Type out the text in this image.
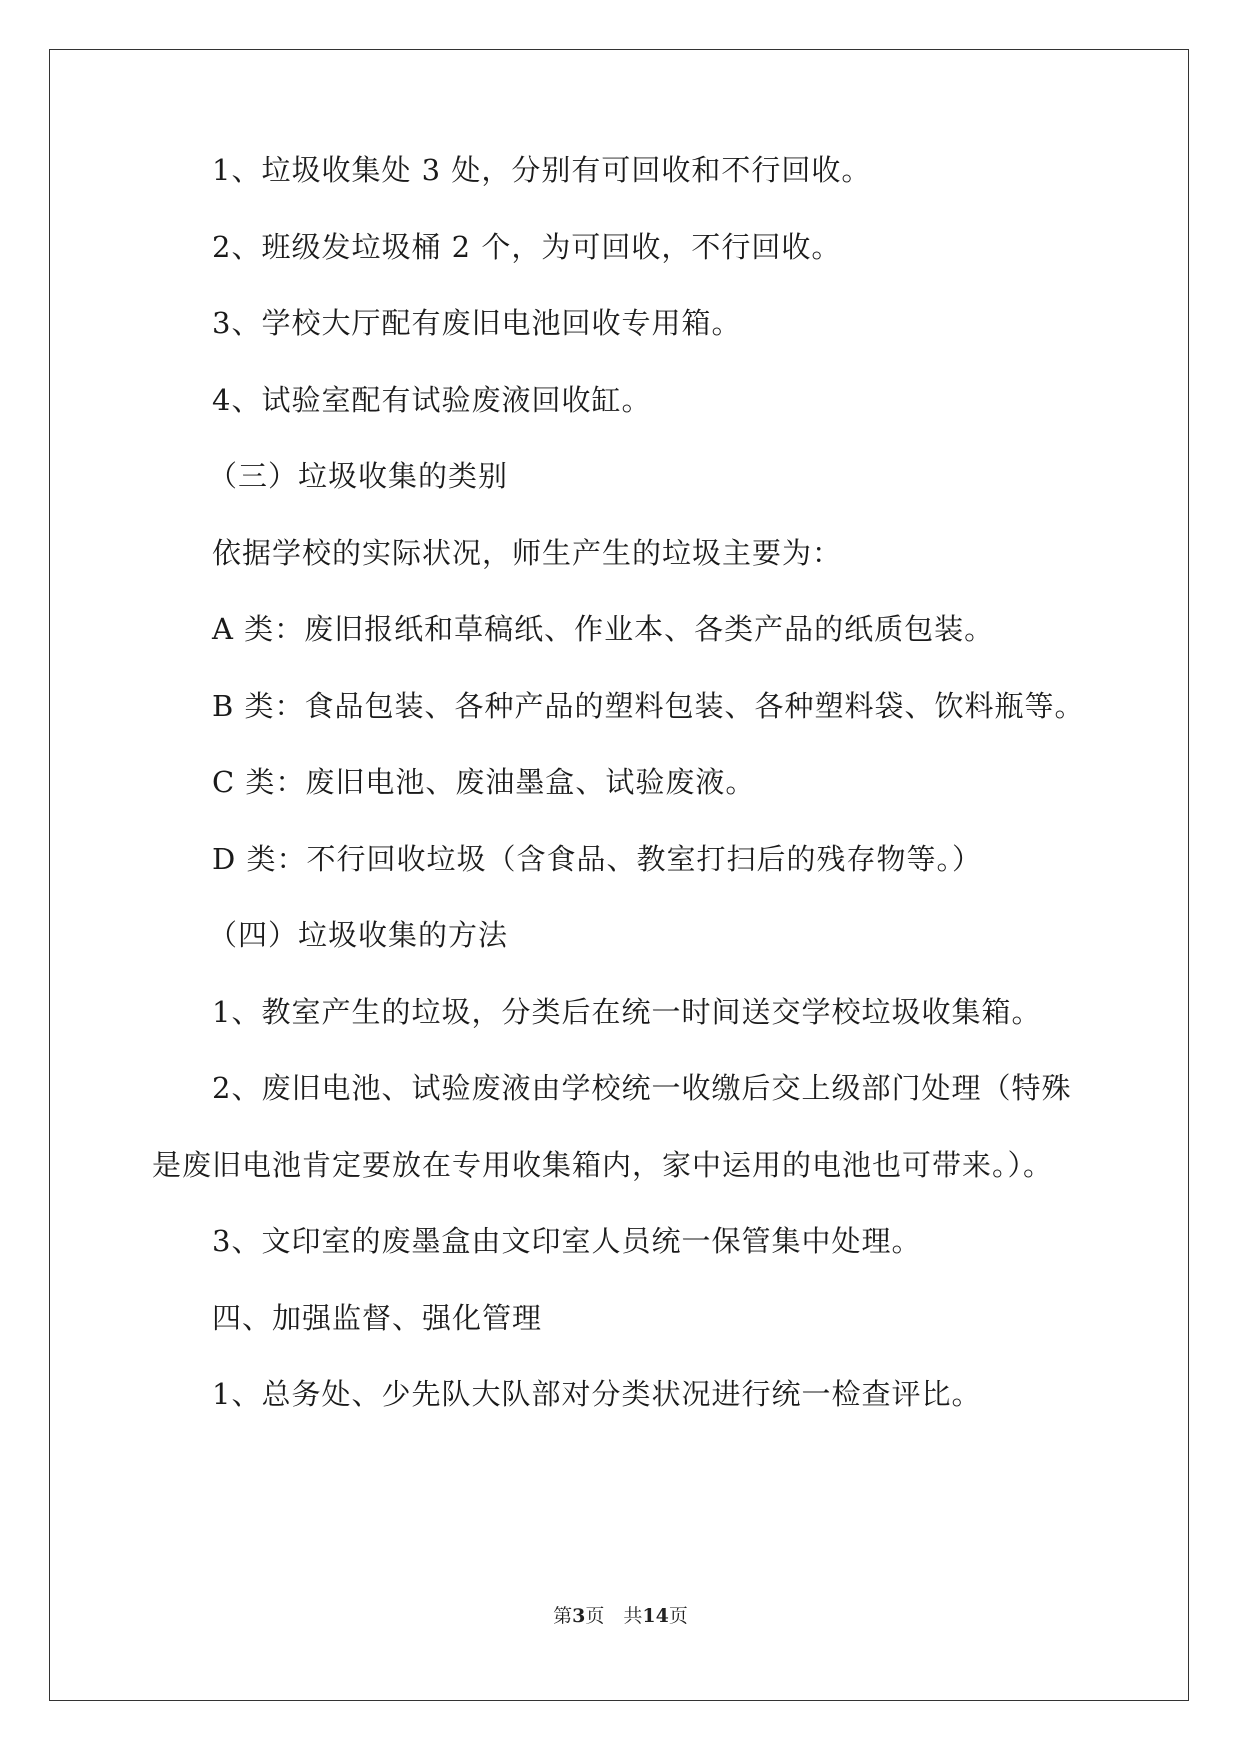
1、垃圾收集处 3 处，分别有可回收和不行回收。
2、班级发垃圾桶 2 个，为可回收，不行回收。
3、学校大厅配有废旧电池回收专用箱。
4、试验室配有试验废液回收缸。
（三）垃圾收集的类别
依据学校的实际状况，师生产生的垃圾主要为：
A 类：废旧报纸和草稿纸、作业本、各类产品的纸质包装。
B 类：食品包装、各种产品的塑料包装、各种塑料袋、饮料瓶等。
C 类：废旧电池、废油墨盒、试验废液。
D 类：不行回收垃圾（含食品、教室打扫后的残存物等。）
（四）垃圾收集的方法
1、教室产生的垃圾，分类后在统一时间送交学校垃圾收集箱。
2、废旧电池、试验废液由学校统一收缴后交上级部门处理（特殊
是废旧电池肯定要放在专用收集箱内，家中运用的电池也可带来。）。
3、文印室的废墨盒由文印室人员统一保管集中处理。
四、加强监督、强化管理
1、总务处、少先队大队部对分类状况进行统一检查评比。
第3页　共14页
